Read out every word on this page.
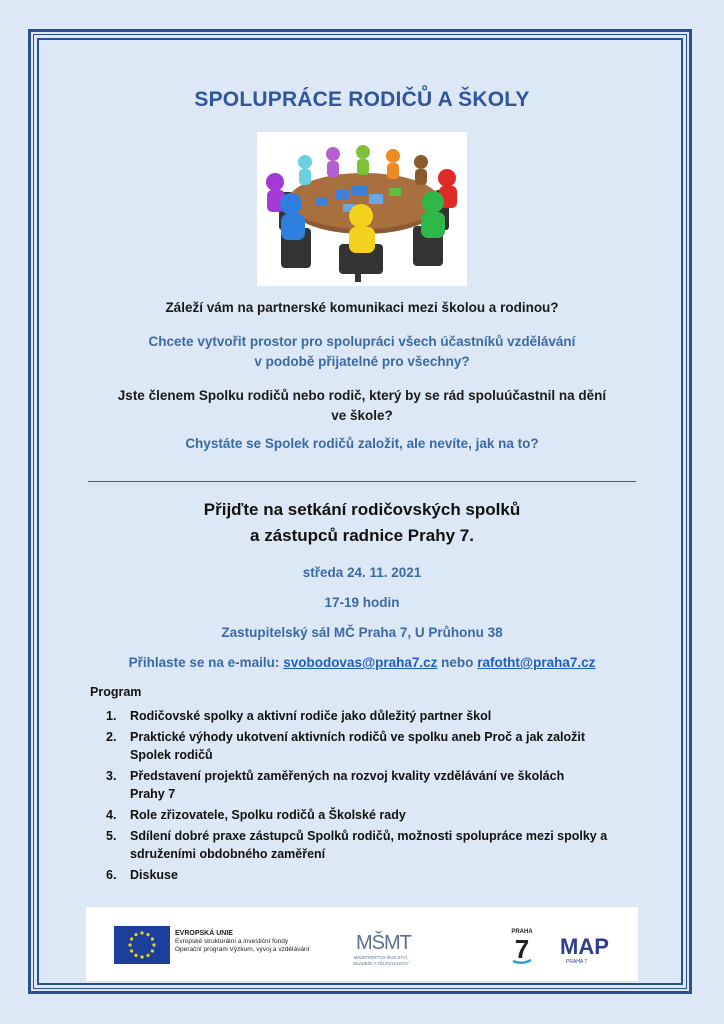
SPOLUPRÁCE RODIČŮ A ŠKOLY
Záleží vám na partnerské komunikaci mezi školou a rodinou?
Chcete vytvořit prostor pro spolupráci všech účastníků vzdělávání
v podobě přijatelné pro všechny?
Jste členem Spolku rodičů nebo rodič, který by se rád spoluúčastnil na dění
ve škole?
Chystáte se Spolek rodičů založit, ale nevíte, jak na to?
Přijďte na setkání rodičovských spolků
a zástupců radnice Prahy 7.
středa 24. 11. 2021
17-19 hodin
Zastupitelský sál MČ Praha 7, U Průhonu 38
Přihlaste se na e-mailu: svobodovas@praha7.cz nebo rafotht@praha7.cz
Program
1. Rodičovské spolky a aktivní rodiče jako důležitý partner škol
2. Praktické výhody ukotvení aktivních rodičů ve spolku aneb Proč a jak založit
Spolek rodičů
3. Představení projektů zaměřených na rozvoj kvality vzdělávání ve školách
Prahy 7
4. Role zřizovatele, Spolku rodičů a Školské rady
5. Sdílení dobré praxe zástupců Spolků rodičů, možnosti spolupráce mezi spolky a
sdruženími obdobného zaměření
6. Diskuse
EVROPSKÁ UNIE
Evropské strukturální a investiční fondy
Operační program Výzkum, vývoj a vzdělávání	MŠMT
MINISTERSTVO ŠKOLSTVÍ,
MLÁDEŽE A TĚLOVÝCHOVY
PRAHA
7 MAP
PRAHA 7
